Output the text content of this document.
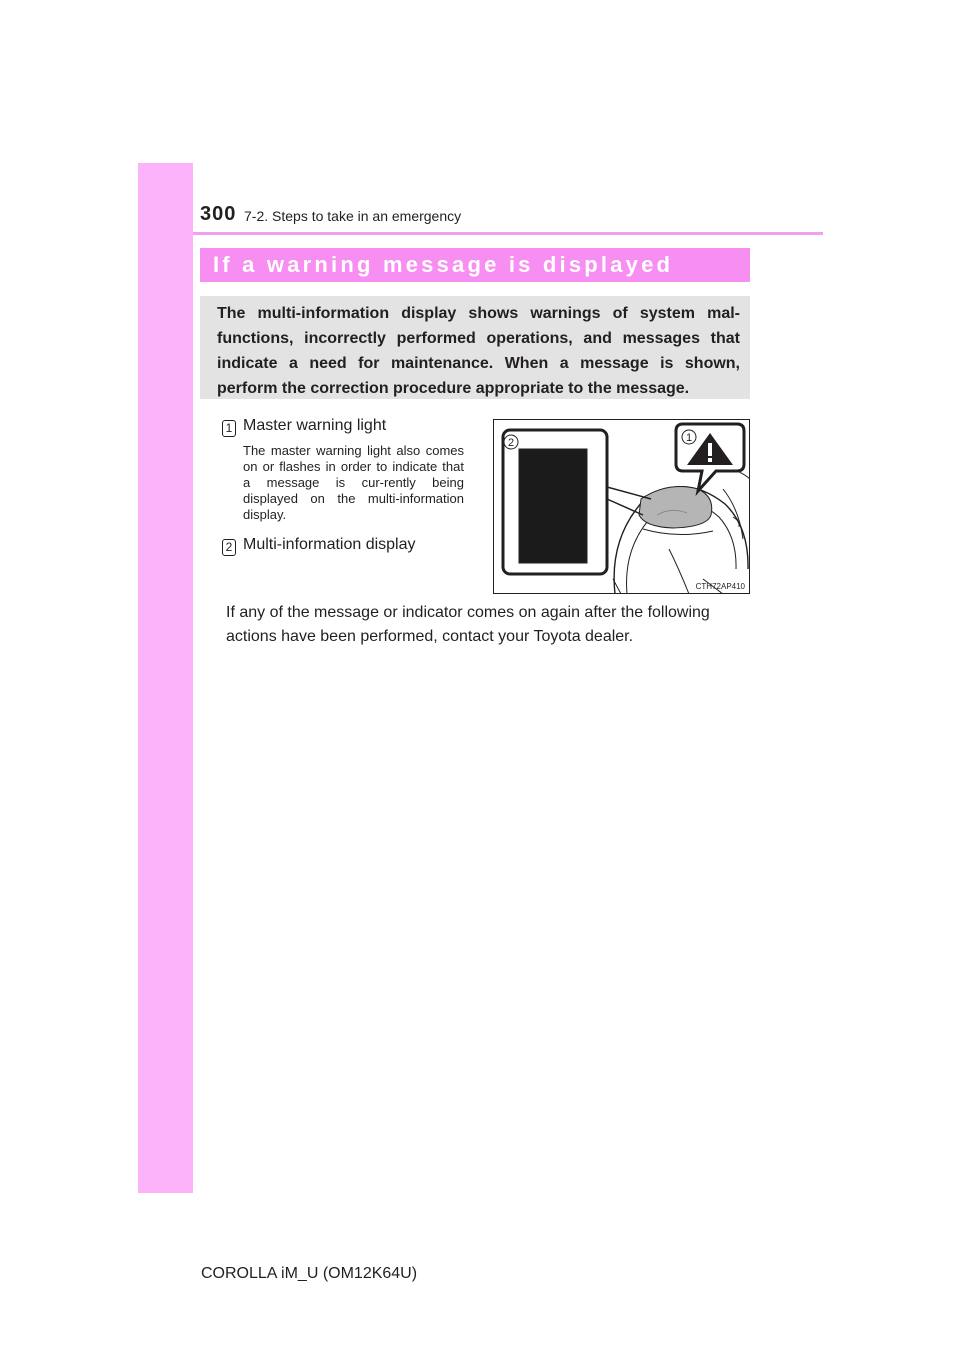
300 7-2. Steps to take in an emergency
If a warning message is displayed
The multi-information display shows warnings of system mal-functions, incorrectly performed operations, and messages that indicate a need for maintenance. When a message is shown, perform the correction procedure appropriate to the message.
1 Master warning light
The master warning light also comes on or flashes in order to indicate that a message is cur-rently being displayed on the multi-information display.
2 Multi-information display
2	1
CTH72AP410
If any of the message or indicator comes on again after the following actions have been performed, contact your Toyota dealer.
COROLLA iM_U (OM12K64U)
